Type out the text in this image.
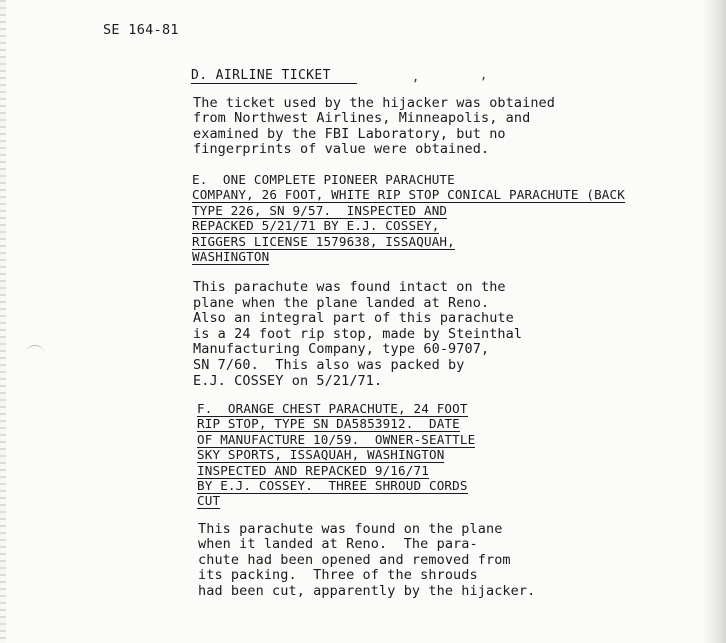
SE 164-81
D. AIRLINE TICKET	,	,
The ticket used by the hijacker was obtained
from Northwest Airlines, Minneapolis, and
examined by the FBI Laboratory, but no
fingerprints of value were obtained.
E.  ONE COMPLETE PIONEER PARACHUTE
COMPANY, 26 FOOT, WHITE RIP STOP CONICAL PARACHUTE (BACK
TYPE 226, SN 9/57.  INSPECTED AND
REPACKED 5/21/71 BY E.J. COSSEY,
RIGGERS LICENSE 1579638, ISSAQUAH,
WASHINGTON
This parachute was found intact on the
plane when the plane landed at Reno.
Also an integral part of this parachute
is a 24 foot rip stop, made by Steinthal
Manufacturing Company, type 60-9707,
SN 7/60.  This also was packed by
E.J. COSSEY on 5/21/71.
F.  ORANGE CHEST PARACHUTE, 24 FOOT
RIP STOP, TYPE SN DA5853912.  DATE
OF MANUFACTURE 10/59.  OWNER-SEATTLE
SKY SPORTS, ISSAQUAH, WASHINGTON
INSPECTED AND REPACKED 9/16/71
BY E.J. COSSEY.  THREE SHROUD CORDS
CUT
This parachute was found on the plane
when it landed at Reno.  The para-
chute had been opened and removed from
its packing.  Three of the shrouds
had been cut, apparently by the hijacker.
